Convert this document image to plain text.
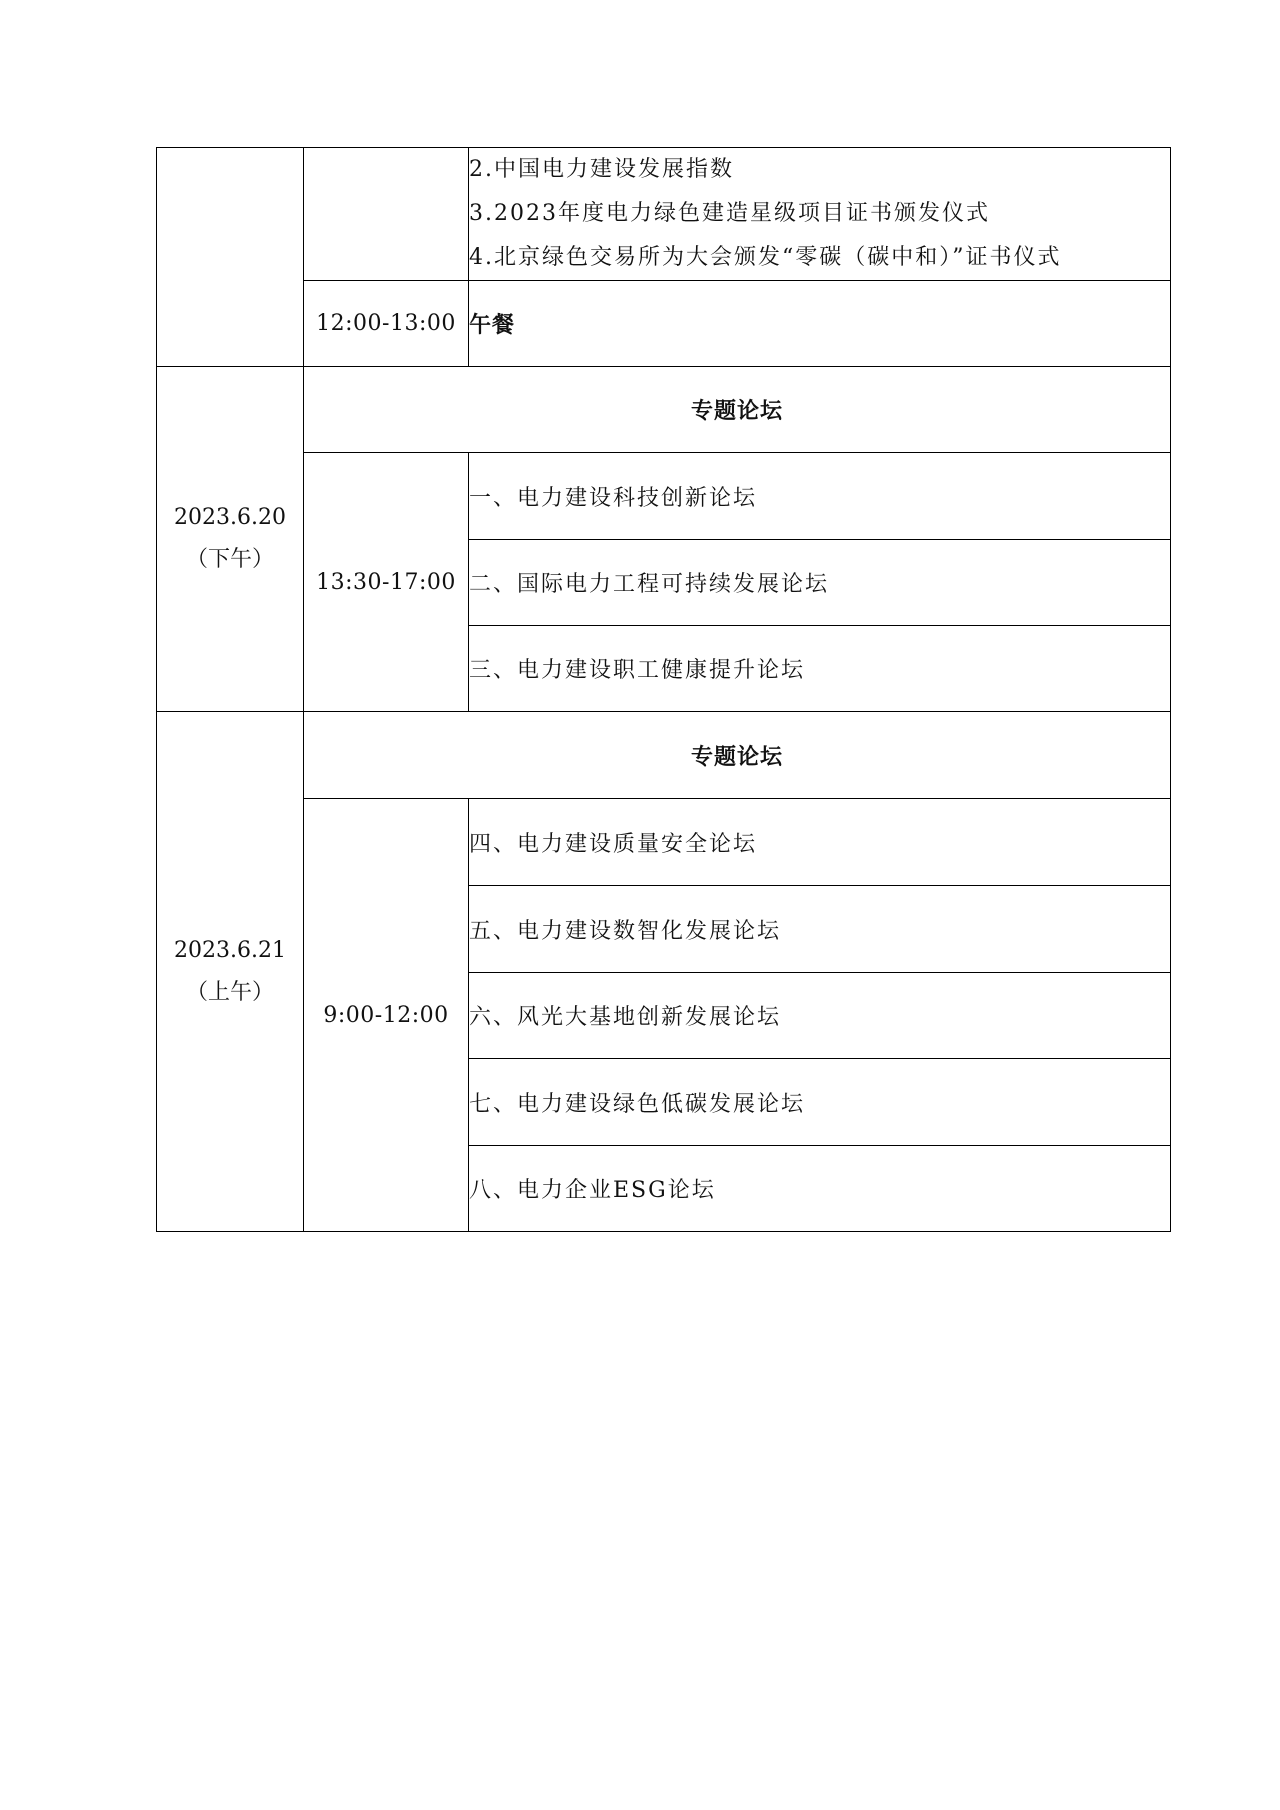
		2.中国电力建设发展指数
3.2023年度电力绿色建造星级项目证书颁发仪式
4.北京绿色交易所为大会颁发“零碳（碳中和）”证书仪式

	12:00-13:00	午餐
2023.6.20
（下午）	专题论坛	
	13:30-17:00	一、电力建设科技创新论坛
		二、国际电力工程可持续发展论坛
		三、电力建设职工健康提升论坛
2023.6.21
（上午）	专题论坛	
	9:00-12:00	四、电力建设质量安全论坛
		五、电力建设数智化发展论坛
		六、风光大基地创新发展论坛
		七、电力建设绿色低碳发展论坛
		八、电力企业ESG论坛
